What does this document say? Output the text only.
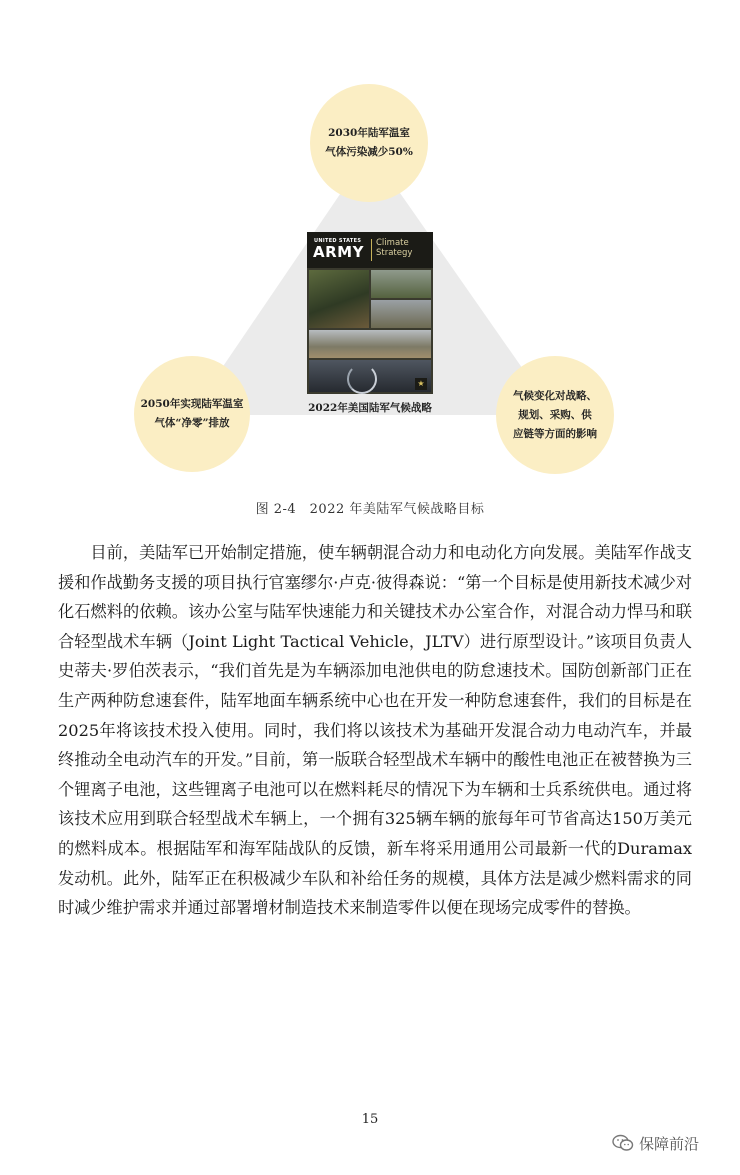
2030年陆军温室
气体污染减少50%
2050年实现陆军温室
气体“净零”排放
气候变化对战略、
规划、采购、供
应链等方面的影响
UNITED STATES
ARMY Climate
Strategy
★
2022年美国陆军气候战略
图 2-4　2022 年美陆军气候战略目标
目前，美陆军已开始制定措施，使车辆朝混合动力和电动化方向发展。美陆军作战支援和作战勤务支援的项目执行官塞缪尔·卢克·彼得森说：“第一个目标是使用新技术减少对化石燃料的依赖。该办公室与陆军快速能力和关键技术办公室合作，对混合动力悍马和联合轻型战术车辆（Joint Light Tactical Vehicle，JLTV）进行原型设计。”该项目负责人史蒂夫·罗伯茨表示，“我们首先是为车辆添加电池供电的防怠速技术。国防创新部门正在生产两种防怠速套件，陆军地面车辆系统中心也在开发一种防怠速套件，我们的目标是在2025年将该技术投入使用。同时，我们将以该技术为基础开发混合动力电动汽车，并最终推动全电动汽车的开发。”目前，第一版联合轻型战术车辆中的酸性电池正在被替换为三个锂离子电池，这些锂离子电池可以在燃料耗尽的情况下为车辆和士兵系统供电。通过将该技术应用到联合轻型战术车辆上，一个拥有325辆车辆的旅每年可节省高达150万美元的燃料成本。根据陆军和海军陆战队的反馈，新车将采用通用公司最新一代的Duramax发动机。此外，陆军正在积极减少车队和补给任务的规模，具体方法是减少燃料需求的同时减少维护需求并通过部署增材制造技术来制造零件以便在现场完成零件的替换。
15
保障前沿
